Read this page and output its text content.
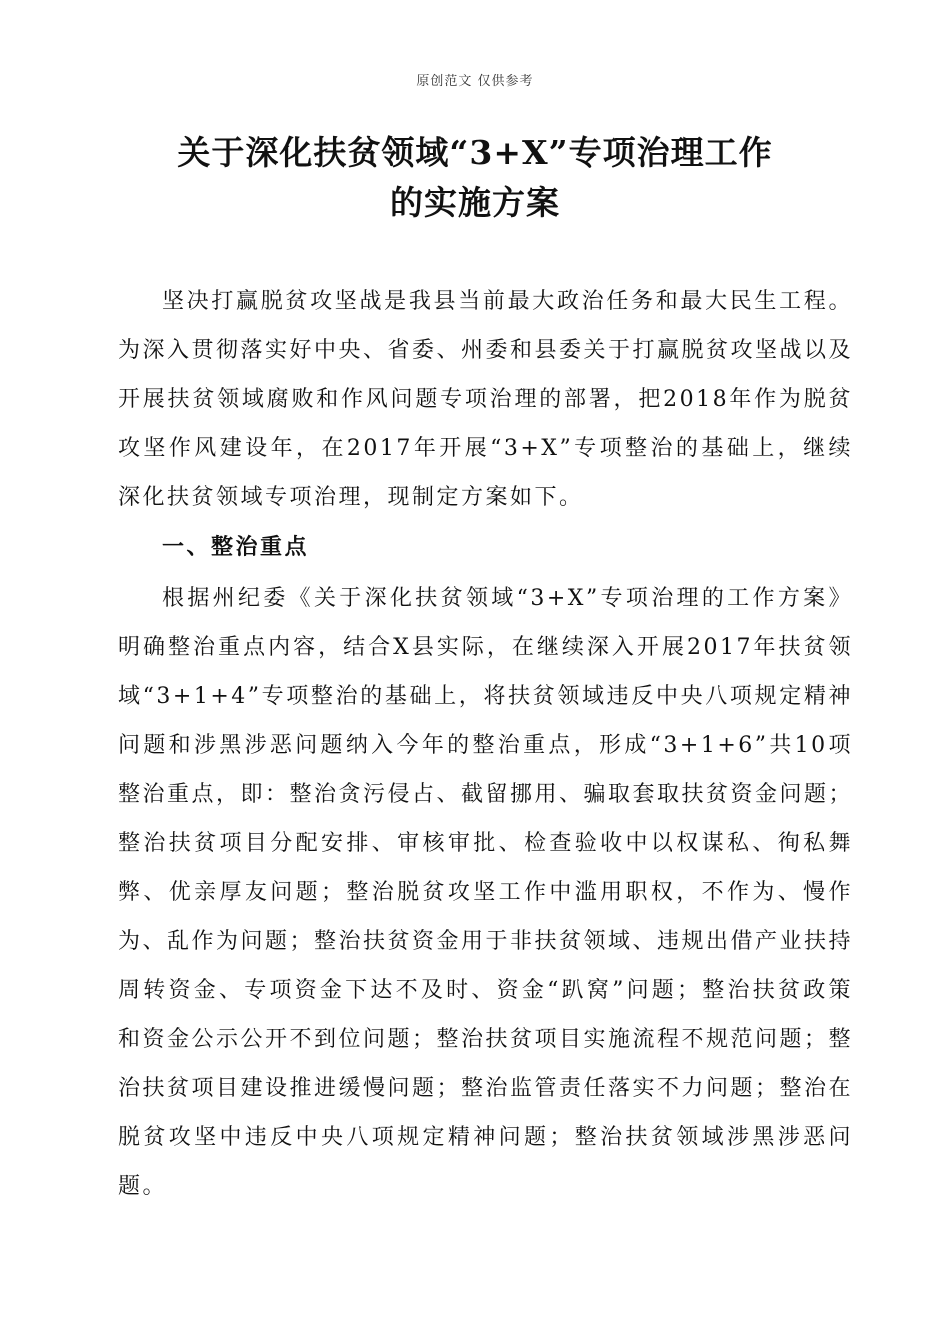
原创范文 仅供参考
关于深化扶贫领域“3+X”专项治理工作
的实施方案

坚决打赢脱贫攻坚战是我县当前最大政治任务和最大民生工程。为深入贯彻落实好中央、省委、州委和县委关于打赢脱贫攻坚战以及开展扶贫领域腐败和作风问题专项治理的部署，把2018年作为脱贫攻坚作风建设年，在2017年开展“3+X”专项整治的基础上，继续深化扶贫领域专项治理，现制定方案如下。

一、整治重点

根据州纪委《关于深化扶贫领域“3+X”专项治理的工作方案》明确整治重点内容，结合X县实际，在继续深入开展2017年扶贫领域“3+1+4”专项整治的基础上，将扶贫领域违反中央八项规定精神问题和涉黑涉恶问题纳入今年的整治重点，形成“3+1+6”共10项整治重点，即：整治贪污侵占、截留挪用、骗取套取扶贫资金问题；整治扶贫项目分配安排、审核审批、检查验收中以权谋私、徇私舞弊、优亲厚友问题；整治脱贫攻坚工作中滥用职权，不作为、慢作为、乱作为问题；整治扶贫资金用于非扶贫领域、违规出借产业扶持周转资金、专项资金下达不及时、资金“趴窝”问题；整治扶贫政策和资金公示公开不到位问题；整治扶贫项目实施流程不规范问题；整治扶贫项目建设推进缓慢问题；整治监管责任落实不力问题；整治在脱贫攻坚中违反中央八项规定精神问题；整治扶贫领域涉黑涉恶问题。
